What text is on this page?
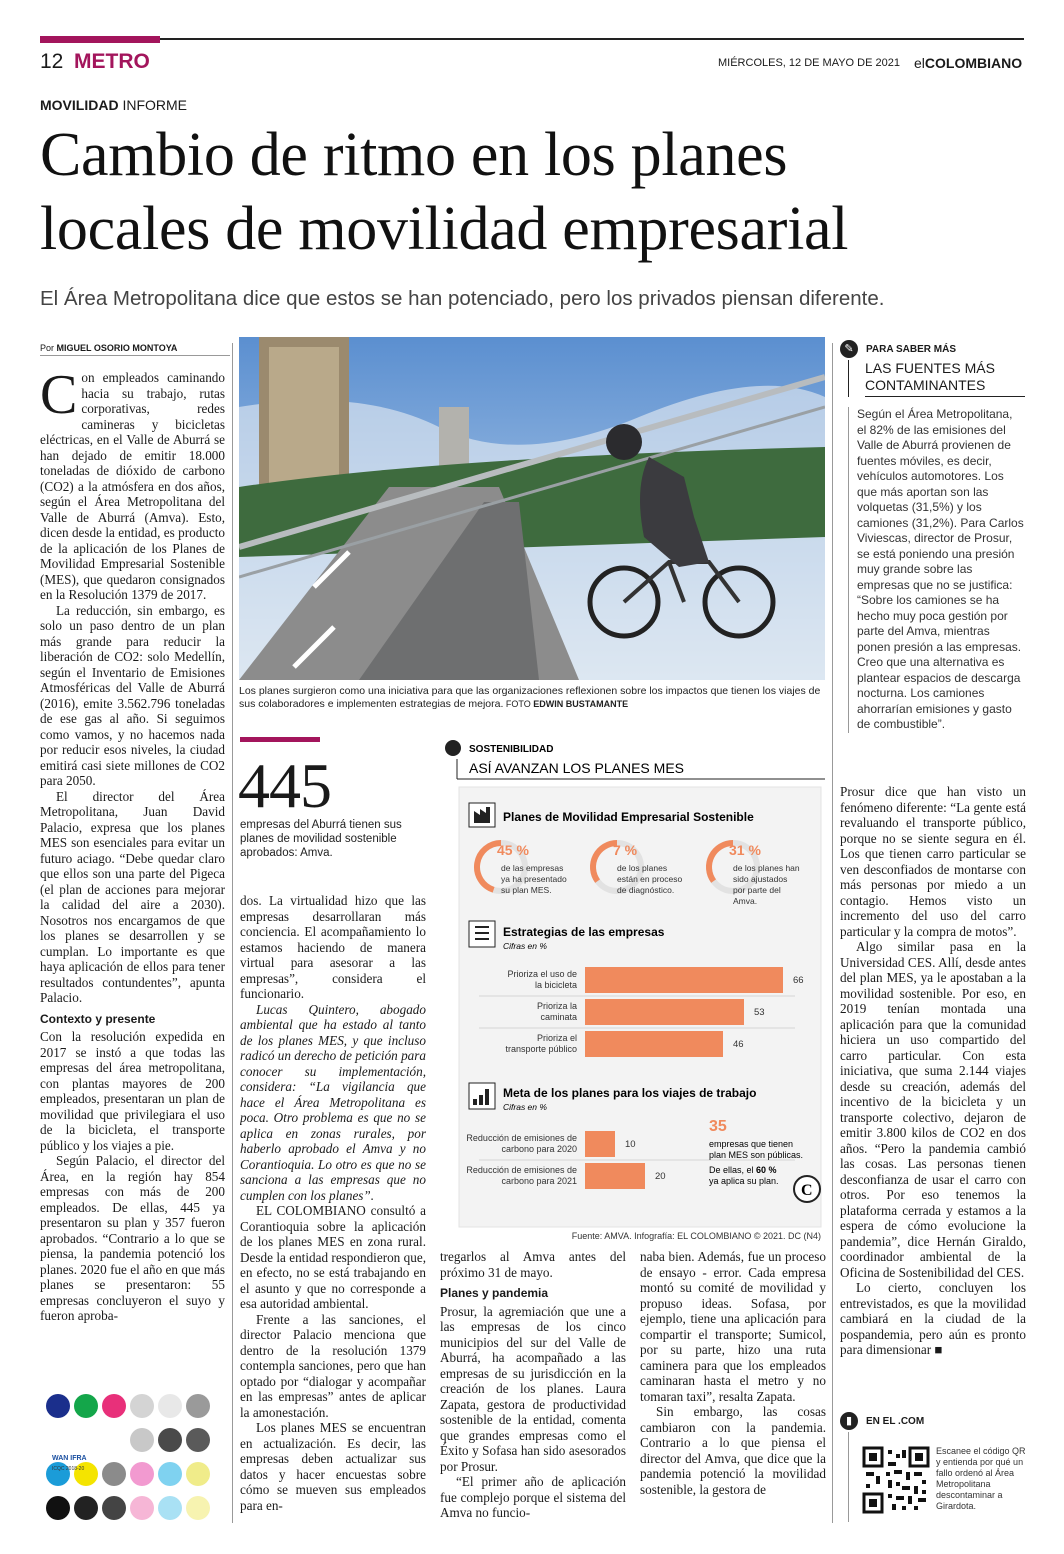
12 METRO	MIÉRCOLES, 12 DE MAYO DE 2021 elCOLOMBIANO
MOVILIDAD INFORME
Cambio de ritmo en los planes
locales de movilidad empresarial
El Área Metropolitana dice que estos se han potenciado, pero los privados piensan diferente.
Por MIGUEL OSORIO MONTOYA

Con empleados caminando hacia su trabajo, rutas corporativas, redes camineras y bicicletas eléctricas, en el Valle de Aburrá se han dejado de emitir 18.000 toneladas de dióxido de carbono (CO2) a la atmósfera en dos años, según el Área Metropolitana del Valle de Aburrá (Amva). Esto, dicen desde la entidad, es producto de la aplicación de los Planes de Movilidad Empresarial Sostenible (MES), que quedaron consignados en la Resolución 1379 de 2017.

La reducción, sin embargo, es solo un paso dentro de un plan más grande para reducir la liberación de CO2: solo Medellín, según el Inventario de Emisiones Atmosféricas del Valle de Aburrá (2016), emite 3.562.796 toneladas de ese gas al año. Si seguimos como vamos, y no hacemos nada por reducir esos niveles, la ciudad emitirá casi siete millones de CO2 para 2050.

El director del Área Metropolitana, Juan David Palacio, expresa que los planes MES son esenciales para evitar un futuro aciago. “Debe quedar claro que ellos son una parte del Pigeca (el plan de acciones para mejorar la calidad del aire a 2030). Nosotros nos encargamos de que los planes se desarrollen y se cumplan. Lo importante es que haya aplicación de ellos para tener resultados contundentes”, apunta Palacio.

Contexto y presente

Con la resolución expedida en 2017 se instó a que todas las empresas del área metropolitana, con plantas mayores de 200 empleados, presentaran un plan de movilidad que privilegiara el uso de la bicicleta, el transporte público y los viajes a pie.

Según Palacio, el director del Área, en la región hay 854 empresas con más de 200 empleados. De ellas, 445 ya presentaron su plan y 357 fueron aprobados. “Contrario a lo que se piensa, la pandemia potenció los planes. 2020 fue el año en que más planes se presentaron: 55 empresas concluyeron el suyo y fueron aproba-

Los planes surgieron como una iniciativa para que las organizaciones reflexionen sobre los impactos que tienen los viajes de sus colaboradores e implementen estrategias de mejora. FOTO EDWIN BUSTAMANTE
445
empresas del Aburrá tienen sus planes de movilidad sostenible aprobados: Amva.

dos. La virtualidad hizo que las empresas desarrollaran más conciencia. El acompañamiento lo estamos haciendo de manera virtual para asesorar a las empresas”, considera el funcionario.

Lucas Quintero, abogado ambiental que ha estado al tanto de los planes MES, y que incluso radicó un derecho de petición para conocer su implementación, considera: “La vigilancia que hace el Área Metropolitana es poca. Otro problema es que no se aplica en zonas rurales, por haberlo aprobado el Amva y no Corantioquia. Lo otro es que no se sanciona a las empresas que no cumplen con los planes”.

EL COLOMBIANO consultó a Corantioquia sobre la aplicación de los planes MES en zona rural. Desde la entidad respondieron que, en efecto, no se está trabajando en el asunto y que no corresponde a esa autoridad ambiental.

Frente a las sanciones, el director Palacio menciona que dentro de la resolución 1379 contempla sanciones, pero que han optado por “dialogar y acompañar en las empresas” antes de aplicar la amonestación.

Los planes MES se encuentran en actualización. Es decir, las empresas deben actualizar sus datos y hacer encuestas sobre cómo se mueven sus empleados para en-

SOSTENIBILIDAD
ASÍ AVANZAN LOS PLANES MES
Planes de Movilidad Empresarial Sostenible
45 %
de las empresas
ya ha presentado
su plan MES.
7 %
de los planes
están en proceso
de diagnóstico.
31 %
de los planes han
sido ajustados
por parte del
Amva.
Estrategias de las empresas
Cifras en %
66
Prioriza el uso de
la bicicleta
53
Prioriza la
caminata
46
Prioriza el
transporte público
Meta de los planes para los viajes de trabajo
Cifras en %
10
Reducción de emisiones de
carbono para 2020
20
Reducción de emisiones de
carbono para 2021
35
empresas que tienen plan MES son públicas.
De ellas, el 60 %
ya aplica su plan.
C
Fuente: AMVA. Infografía: EL COLOMBIANO © 2021. DC (N4)

tregarlos al Amva antes del próximo 31 de mayo.

Planes y pandemia

Prosur, la agremiación que une a las empresas de los cinco municipios del sur del Valle de Aburrá, ha acompañado a las empresas de su jurisdicción en la creación de los planes. Laura Zapata, gestora de productividad sostenible de la entidad, comenta que grandes empresas como el Éxito y Sofasa han sido asesorados por Prosur.

“El primer año de aplicación fue complejo porque el sistema del Amva no funcio-

naba bien. Además, fue un proceso de ensayo - error. Cada empresa montó su comité de movilidad y propuso ideas. Sofasa, por ejemplo, tiene una aplicación para compartir el transporte; Sumicol, por su parte, hizo una ruta caminera para que los empleados caminaran hasta el metro y no tomaran taxi”, resalta Zapata.

Sin embargo, las cosas cambiaron con la pandemia. Contrario a lo que piensa el director del Amva, que dice que la pandemia potenció la movilidad sostenible, la gestora de

✎	PARA SABER MÁS
LAS FUENTES MÁS CONTAMINANTES
Según el Área Metropolitana, el 82% de las emisiones del Valle de Aburrá provienen de fuentes móviles, es decir, vehículos automotores. Los que más aportan son las volquetas (31,5%) y los camiones (31,2%). Para Carlos Viviescas, director de Prosur, se está poniendo una presión muy grande sobre las empresas que no se justifica: “Sobre los camiones se ha hecho muy poca gestión por parte del Amva, mientras ponen presión a las empresas. Creo que una alternativa es plantear espacios de descarga nocturna. Los camiones ahorrarían emisiones y gasto de combustible”.

Prosur dice que han visto un fenómeno diferente: “La gente está revaluando el transporte público, porque no se siente segura en él. Los que tienen carro particular se ven desconfiados de montarse con más personas por miedo a un contagio. Hemos visto un incremento del uso del carro particular y la compra de motos”.

Algo similar pasa en la Universidad CES. Allí, desde antes del plan MES, ya le apostaban a la movilidad sostenible. Por eso, en 2019 tenían montada una aplicación para que la comunidad hiciera un uso compartido del carro particular. Con esta iniciativa, que suma 2.144 viajes desde su creación, además del incentivo de la bicicleta y un transporte colectivo, dejaron de emitir 3.800 kilos de CO2 en dos años. “Pero la pandemia cambió las cosas. Las personas tienen desconfianza de usar el carro con otros. Por eso tenemos la plataforma cerrada y estamos a la espera de cómo evolucione la pandemia”, dice Hernán Giraldo, coordinador ambiental de la Oficina de Sostenibilidad del CES.

Lo cierto, concluyen los entrevistados, es que la movilidad cambiará en la ciudad de la pospandemia, pero aún es pronto para dimensionar ■

▮	EN EL .COM
Escanee el código QR y entienda por qué un fallo ordenó al Área Metropolitana descontaminar a Girardota.
WAN IFRA
ICQC 2018-20
